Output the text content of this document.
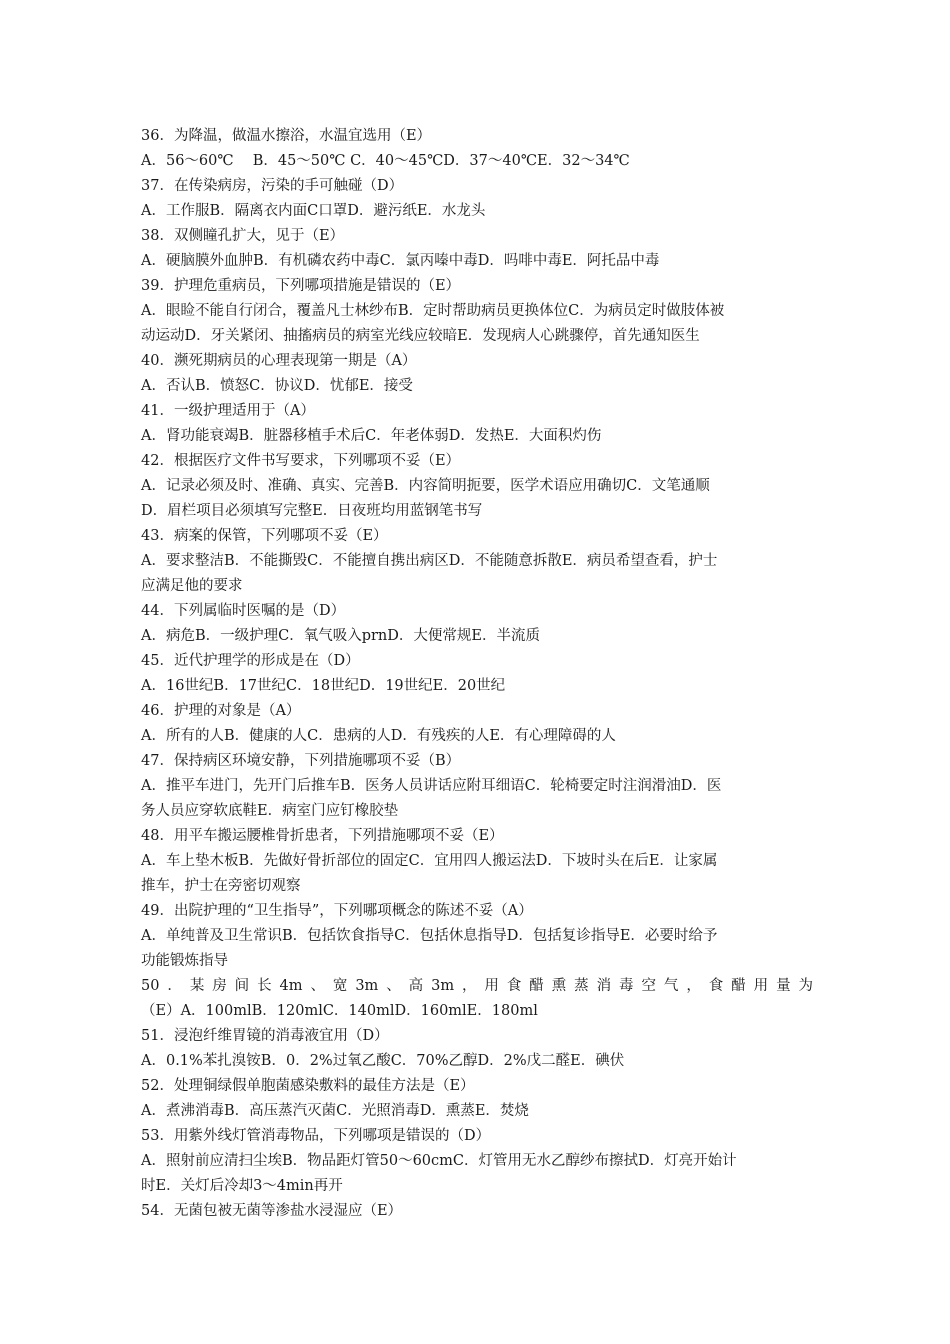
36．为降温，做温水擦浴，水温宜选用（E）
A．56～60℃　 B．45～50℃ C．40～45℃D．37～40℃E．32～34℃
37．在传染病房，污染的手可触碰（D）
A．工作服B．隔离衣内面C口罩D．避污纸E．水龙头
38．双侧瞳孔扩大，见于（E）
A．硬脑膜外血肿B．有机磷农药中毒C．氯丙嗪中毒D．吗啡中毒E．阿托品中毒
39．护理危重病员，下列哪项措施是错误的（E）
A．眼睑不能自行闭合，覆盖凡士林纱布B．定时帮助病员更换体位C．为病员定时做肢体被
动运动D．牙关紧闭、抽搐病员的病室光线应较暗E．发现病人心跳骤停，首先通知医生
40．濒死期病员的心理表现第一期是（A）
A．否认B．愤怒C．协议D．忧郁E．接受
41．一级护理适用于（A）
A．肾功能衰竭B．脏器移植手术后C．年老体弱D．发热E．大面积灼伤
42．根据医疗文件书写要求，下列哪项不妥（E）
A．记录必须及时、准确、真实、完善B．内容简明扼要，医学术语应用确切C．文笔通顺
D．眉栏项目必须填写完整E．日夜班均用蓝钢笔书写
43．病案的保管，下列哪项不妥（E）
A．要求整洁B．不能撕毁C．不能擅自携出病区D．不能随意拆散E．病员希望查看，护士
应满足他的要求
44．下列属临时医嘱的是（D）
A．病危B．一级护理C．氧气吸入prnD．大便常规E．半流质
45．近代护理学的形成是在（D）
A．16世纪B．17世纪C．18世纪D．19世纪E．20世纪
46．护理的对象是（A）
A．所有的人B．健康的人C．患病的人D．有残疾的人E．有心理障碍的人
47．保持病区环境安静，下列措施哪项不妥（B）
A．推平车进门，先开门后推车B．医务人员讲话应附耳细语C．轮椅要定时注润滑油D．医
务人员应穿软底鞋E．病室门应钉橡胶垫
48．用平车搬运腰椎骨折患者，下列措施哪项不妥（E）
A．车上垫木板B．先做好骨折部位的固定C．宜用四人搬运法D．下坡时头在后E．让家属
推车，护士在旁密切观察
49．出院护理的“卫生指导”，下列哪项概念的陈述不妥（A）
A．单纯普及卫生常识B．包括饮食指导C．包括休息指导D．包括复诊指导E．必要时给予
功能锻炼指导
50．某房间长4m、宽3m、高3m，用食醋熏蒸消毒空气，食醋用量为
（E）A．100mlB．120mlC．140mlD．160mlE．180ml
51．浸泡纤维胃镜的消毒液宜用（D）
A．0.1%苯扎溴铵B．0．2%过氧乙酸C．70%乙醇D．2%戊二醛E．碘伏
52．处理铜绿假单胞菌感染敷料的最佳方法是（E）
A．煮沸消毒B．高压蒸汽灭菌C．光照消毒D．熏蒸E．焚烧
53．用紫外线灯管消毒物品，下列哪项是错误的（D）
A．照射前应清扫尘埃B．物品距灯管50～60cmC．灯管用无水乙醇纱布擦拭D．灯亮开始计
时E．关灯后冷却3～4min再开
54．无菌包被无菌等渗盐水浸湿应（E）
